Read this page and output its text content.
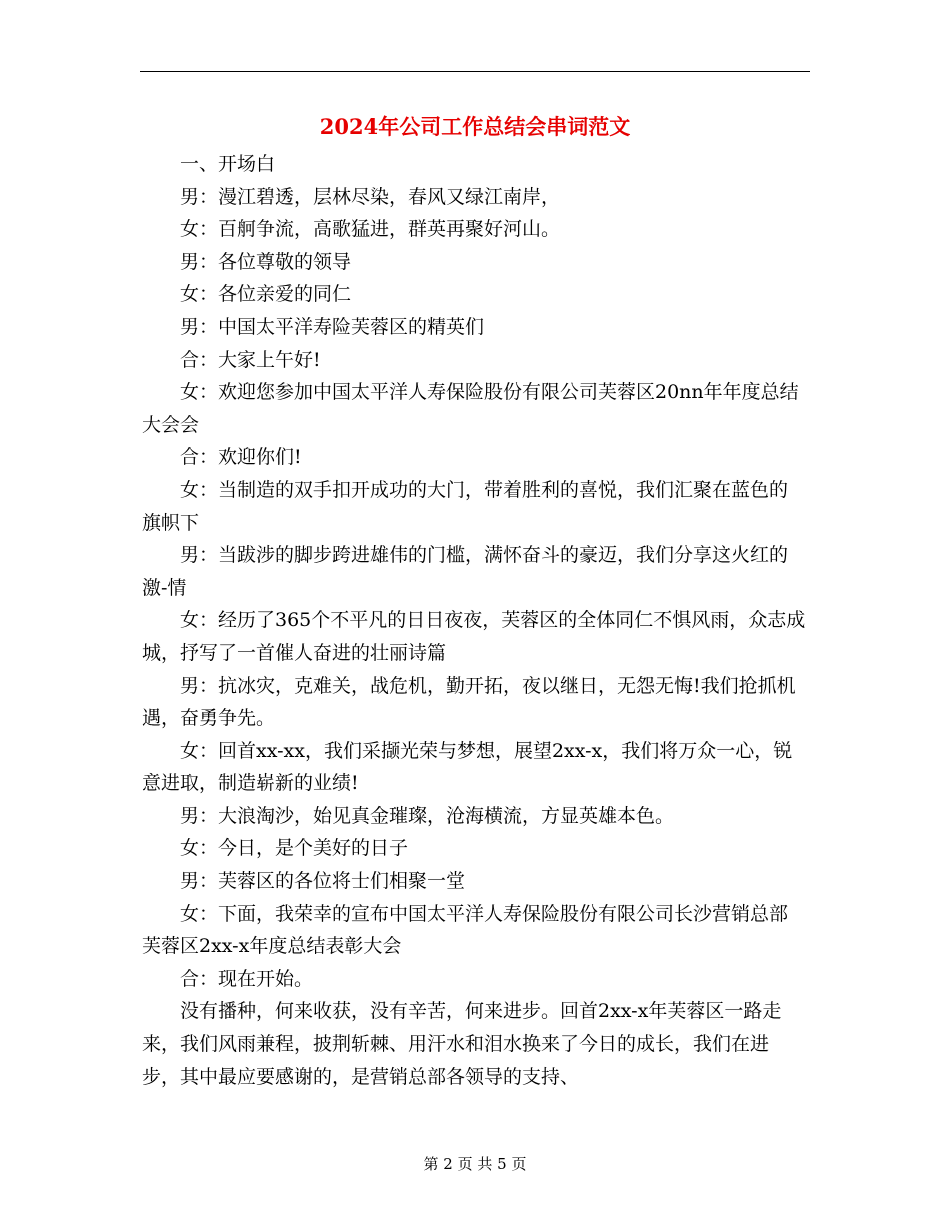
2024年公司工作总结会串词范文

一、开场白

男：漫江碧透，层林尽染，春风又绿江南岸，

女：百舸争流，高歌猛进，群英再聚好河山。

男：各位尊敬的领导

女：各位亲爱的同仁

男：中国太平洋寿险芙蓉区的精英们

合：大家上午好!

女：欢迎您参加中国太平洋人寿保险股份有限公司芙蓉区20nn年年度总结大会会

合：欢迎你们!

女：当制造的双手扣开成功的大门，带着胜利的喜悦，我们汇聚在蓝色的旗帜下

男：当跋涉的脚步跨进雄伟的门槛，满怀奋斗的豪迈，我们分享这火红的激-情

女：经历了365个不平凡的日日夜夜，芙蓉区的全体同仁不惧风雨，众志成城，抒写了一首催人奋进的壮丽诗篇

男：抗冰灾，克难关，战危机，勤开拓，夜以继日，无怨无悔!我们抢抓机遇，奋勇争先。

女：回首xx-xx，我们采撷光荣与梦想，展望2xx-x，我们将万众一心，锐意进取，制造崭新的业绩!

男：大浪淘沙，始见真金璀璨，沧海横流，方显英雄本色。

女：今日，是个美好的日子

男：芙蓉区的各位将士们相聚一堂

女：下面，我荣幸的宣布中国太平洋人寿保险股份有限公司长沙营销总部芙蓉区2xx-x年度总结表彰大会

合：现在开始。

没有播种，何来收获，没有辛苦，何来进步。回首2xx-x年芙蓉区一路走来，我们风雨兼程，披荆斩棘、用汗水和泪水换来了今日的成长，我们在进步，其中最应要感谢的，是营销总部各领导的支持、

第 2 页 共 5 页
